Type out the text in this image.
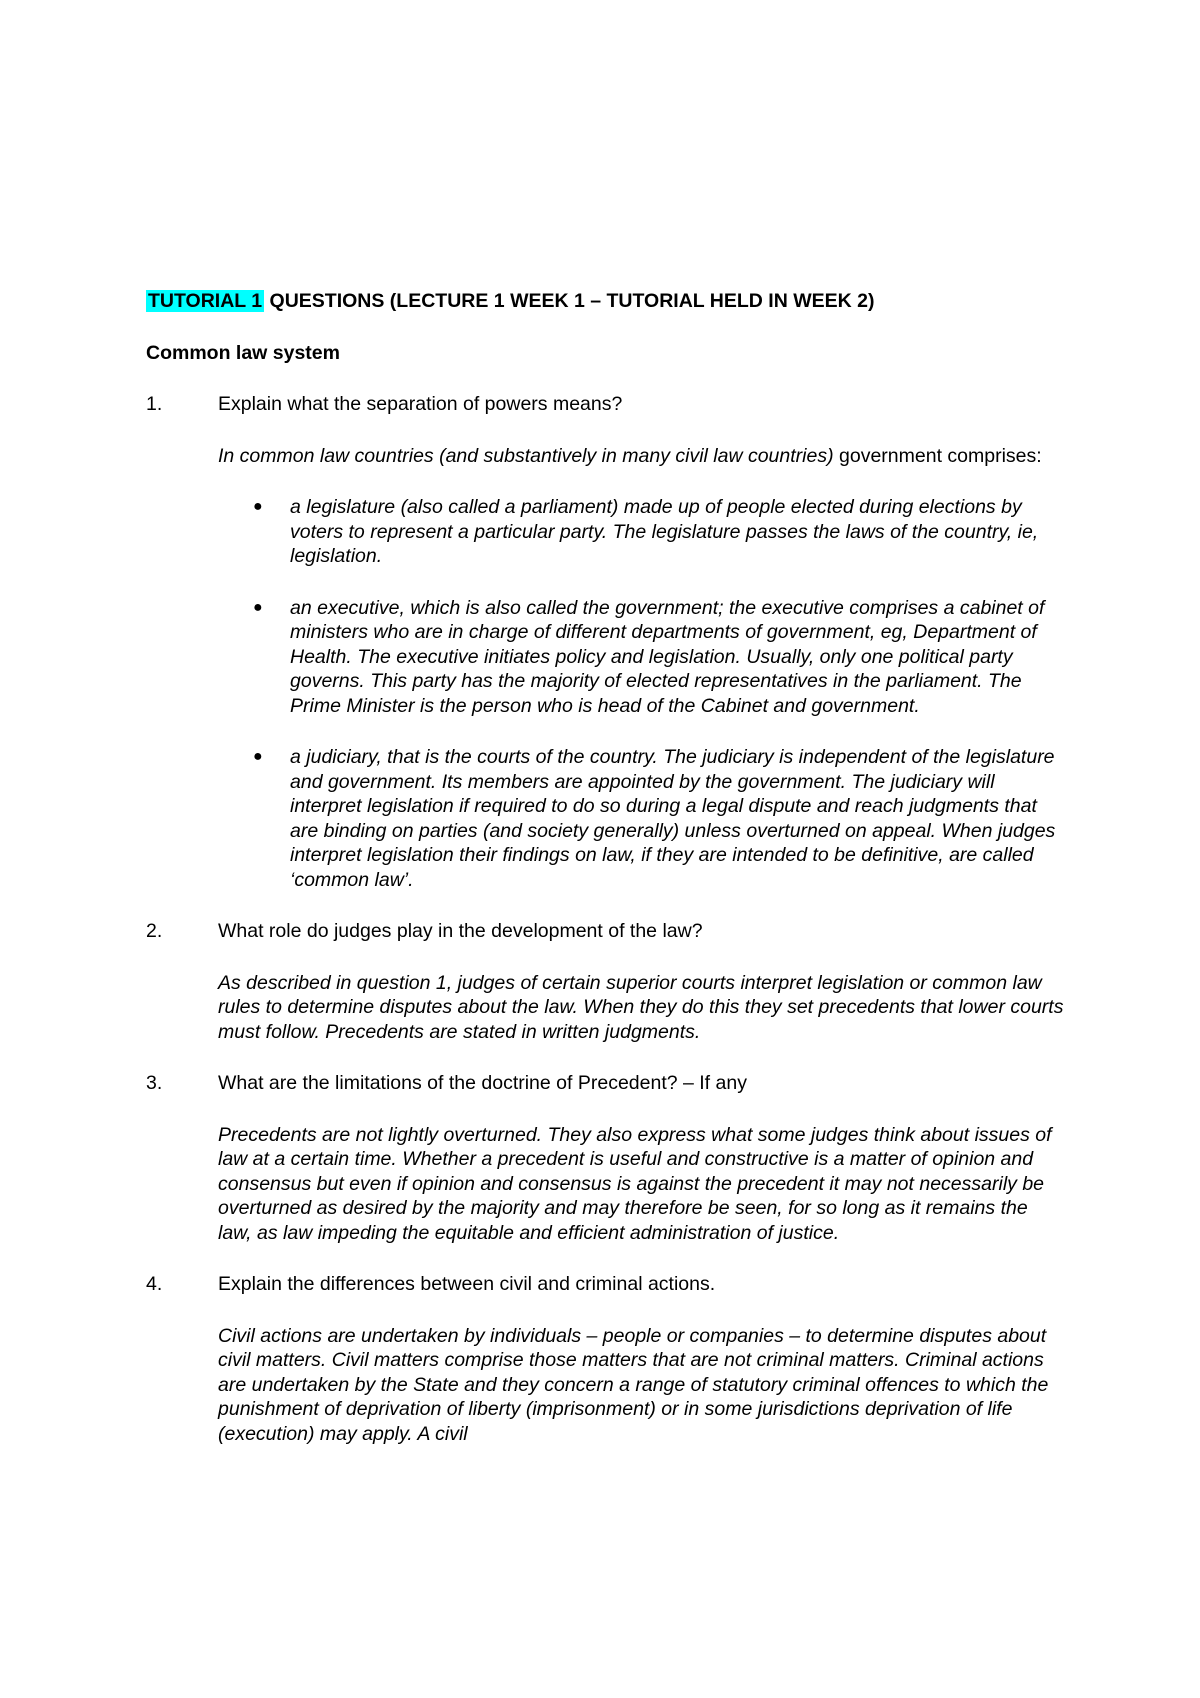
TUTORIAL 1 QUESTIONS (LECTURE 1 WEEK 1 – TUTORIAL HELD IN WEEK 2)
Common law system
1.	Explain what the separation of powers means?
In common law countries (and substantively in many civil law countries) government comprises:
● a legislature (also called a parliament) made up of people elected during elections by voters to represent a particular party. The legislature passes the laws of the country, ie, legislation.
● an executive, which is also called the government; the executive comprises a cabinet of ministers who are in charge of different departments of government, eg, Department of Health. The executive initiates policy and legislation. Usually, only one political party governs. This party has the majority of elected representatives in the parliament. The Prime Minister is the person who is head of the Cabinet and government.
● a judiciary, that is the courts of the country. The judiciary is independent of the legislature and government. Its members are appointed by the government. The judiciary will interpret legislation if required to do so during a legal dispute and reach judgments that are binding on parties (and society generally) unless overturned on appeal. When judges interpret legislation their findings on law, if they are intended to be definitive, are called ‘common law’.
2.	What role do judges play in the development of the law?
As described in question 1, judges of certain superior courts interpret legislation or common law rules to determine disputes about the law. When they do this they set precedents that lower courts must follow. Precedents are stated in written judgments.
3.	What are the limitations of the doctrine of Precedent? – If any
Precedents are not lightly overturned. They also express what some judges think about issues of law at a certain time. Whether a precedent is useful and constructive is a matter of opinion and consensus but even if opinion and consensus is against the precedent it may not necessarily be overturned as desired by the majority and may therefore be seen, for so long as it remains the law, as law impeding the equitable and efficient administration of justice.
4.	Explain the differences between civil and criminal actions.
Civil actions are undertaken by individuals – people or companies – to determine disputes about civil matters. Civil matters comprise those matters that are not criminal matters. Criminal actions are undertaken by the State and they concern a range of statutory criminal offences to which the punishment of deprivation of liberty (imprisonment) or in some jurisdictions deprivation of life (execution) may apply. A civil
